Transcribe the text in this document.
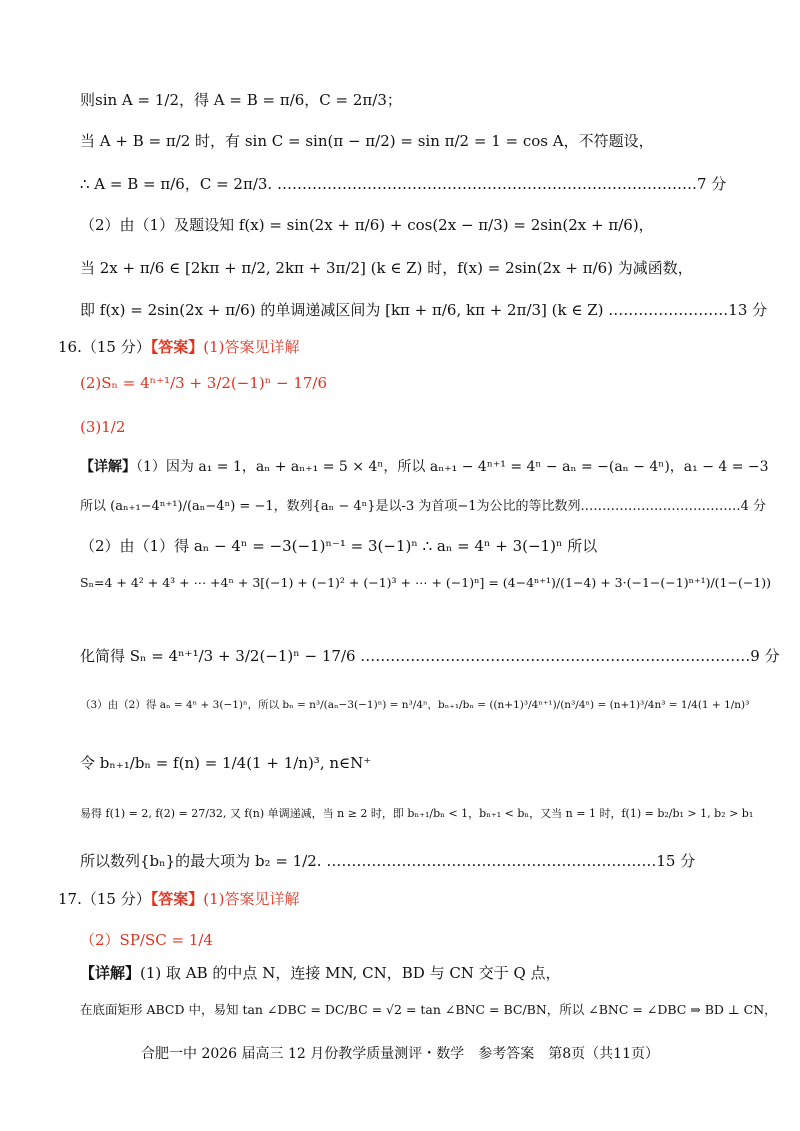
则sin A = 1/2，得 A = B = π/6，C = 2π/3；
当 A + B = π/2 时，有 sin C = sin(π − π/2) = sin π/2 = 1 = cos A，不符题设，
∴ A = B = π/6，C = 2π/3. …………………………………………………………………………7 分
（2）由（1）及题设知 f(x) = sin(2x + π/6) + cos(2x − π/3) = 2sin(2x + π/6)，
当 2x + π/6 ∈ [2kπ + π/2, 2kπ + 3π/2] (k ∈ Z) 时，f(x) = 2sin(2x + π/6) 为减函数，
即 f(x) = 2sin(2x + π/6) 的单调递减区间为 [kπ + π/6, kπ + 2π/3] (k ∈ Z) ……………………13 分
16.（15 分）【答案】(1)答案见详解
(2)Sₙ = 4ⁿ⁺¹/3 + 3/2(−1)ⁿ − 17/6
(3)1/2
【详解】（1）因为 a₁ = 1，aₙ + aₙ₊₁ = 5 × 4ⁿ，所以 aₙ₊₁ − 4ⁿ⁺¹ = 4ⁿ − aₙ = −(aₙ − 4ⁿ)，a₁ − 4 = −3
所以 (aₙ₊₁−4ⁿ⁺¹)/(aₙ−4ⁿ) = −1，数列{aₙ − 4ⁿ}是以-3 为首项−1为公比的等比数列.………………………………4 分
（2）由（1）得 aₙ − 4ⁿ = −3(−1)ⁿ⁻¹ = 3(−1)ⁿ ∴ aₙ = 4ⁿ + 3(−1)ⁿ 所以
Sₙ=4 + 4² + 4³ + ⋯ +4ⁿ + 3[(−1) + (−1)² + (−1)³ + ⋯ + (−1)ⁿ] = (4−4ⁿ⁺¹)/(1−4) + 3·(−1−(−1)ⁿ⁺¹)/(1−(−1))
化简得 Sₙ = 4ⁿ⁺¹/3 + 3/2(−1)ⁿ − 17/6 ……………………………………………………………………9 分
（3）由（2）得 aₙ = 4ⁿ + 3(−1)ⁿ，所以 bₙ = n³/(aₙ−3(−1)ⁿ) = n³/4ⁿ，bₙ₊₁/bₙ = ((n+1)³/4ⁿ⁺¹)/(n³/4ⁿ) = (n+1)³/4n³ = 1/4(1 + 1/n)³
令 bₙ₊₁/bₙ = f(n) = 1/4(1 + 1/n)³, n∈N⁺
易得 f(1) = 2, f(2) = 27/32, 又 f(n) 单调递减，当 n ≥ 2 时，即 bₙ₊₁/bₙ < 1，bₙ₊₁ < bₙ，又当 n = 1 时，f(1) = b₂/b₁ > 1, b₂ > b₁
所以数列{bₙ}的最大项为 b₂ = 1/2. …………………………………………………………15 分
17.（15 分）【答案】(1)答案见详解
（2）SP/SC = 1/4
【详解】(1) 取 AB 的中点 N，连接 MN, CN，BD 与 CN 交于 Q 点，
在底面矩形 ABCD 中，易知 tan ∠DBC = DC/BC = √2 = tan ∠BNC = BC/BN，所以 ∠BNC = ∠DBC ⇒ BD ⊥ CN，
合肥一中 2026 届高三 12 月份教学质量测评・数学　参考答案　第8页（共11页）
